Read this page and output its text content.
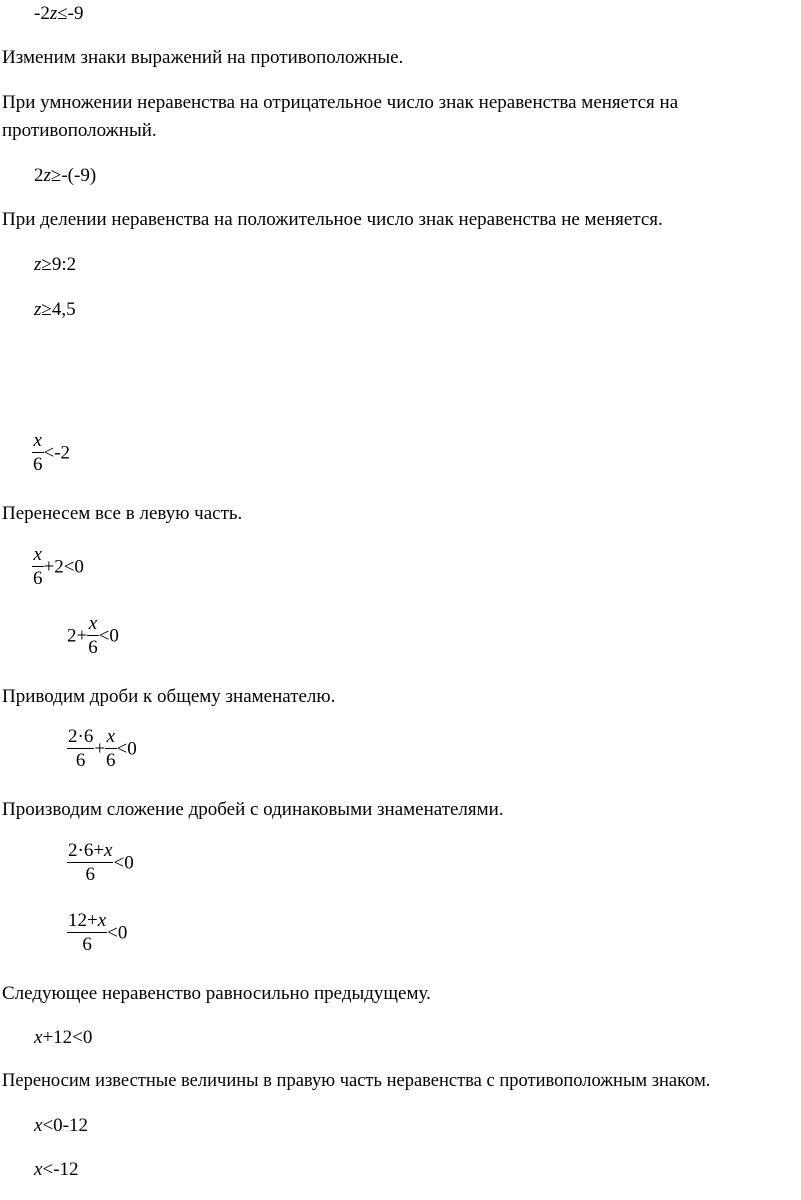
-2z≤-9
Изменим знаки выражений на противоположные.
При умножении неравенства на отрицательное число знак неравенства меняется на
противоположный.
2z≥-(-9)
При делении неравенства на положительное число знак неравенства не меняется.
z≥9:2
z≥4,5
$\frac{x}{6} <-2$
Перенесем все в левую часть.
$\frac{x}{6} +2<0$
$2+ \frac{x}{6} <0$
Приводим дроби к общему знаменателю.
$\frac{2\cdot 6}{6} + \frac{x}{6} <0$
Производим сложение дробей с одинаковыми знаменателями.
$\frac{2\cdot 6+x}{6} <0$
$\frac{12+x}{6} <0$
Следующее неравенство равносильно предыдущему.
x+12<0
Переносим известные величины в правую часть неравенства с противоположным знаком.
x<0-12
x<-12
